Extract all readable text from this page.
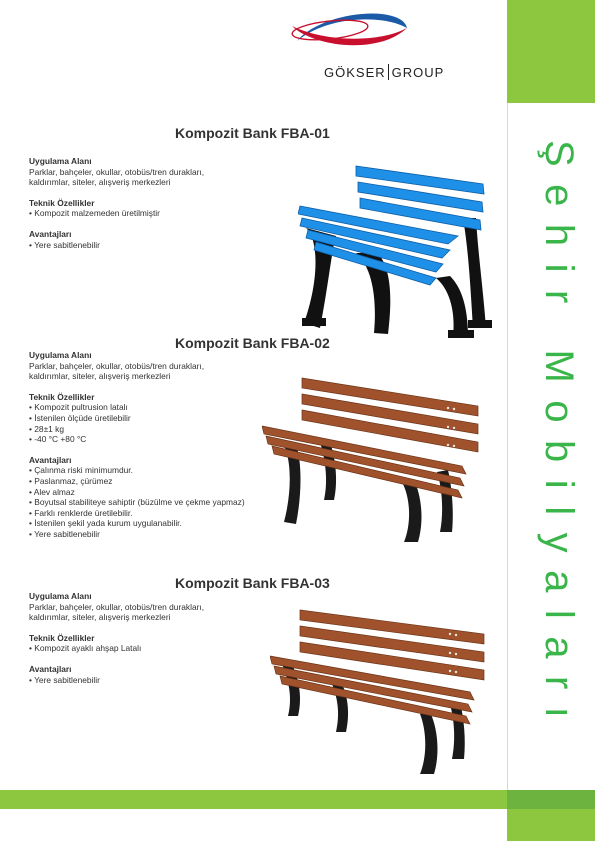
GÖKSER GROUP
Şehir Mobilyaları
Kompozit Bank FBA-01
Uygulama Alanı
Parklar, bahçeler, okullar, otobüs/tren durakları,
kaldırımlar, siteler, alışveriş merkezleri
Teknik Özellikler
• Kompozit malzemeden üretilmiştir
Avantajları
• Yere sabitlenebilir
Kompozit Bank FBA-02
Uygulama Alanı
Parklar, bahçeler, okullar, otobüs/tren durakları,
kaldırımlar, siteler, alışveriş merkezleri
Teknik Özellikler
• Kompozit pultrusion latalı
• İstenilen ölçüde üretilebilir
• 28±1 kg
• -40 °C +80 °C
Avantajları
• Çalınma riski minimumdur.
• Paslanmaz, çürümez
• Alev almaz
• Boyutsal stabiliteye sahiptir (büzülme ve çekme yapmaz)
• Farklı renklerde üretilebilir.
• İstenilen şekil yada kurum uygulanabilir.
• Yere sabitlenebilir
Kompozit Bank FBA-03
Uygulama Alanı
Parklar, bahçeler, okullar, otobüs/tren durakları,
kaldırımlar, siteler, alışveriş merkezleri
Teknik Özellikler
• Kompozit ayaklı ahşap Latalı
Avantajları
• Yere sabitlenebilir
